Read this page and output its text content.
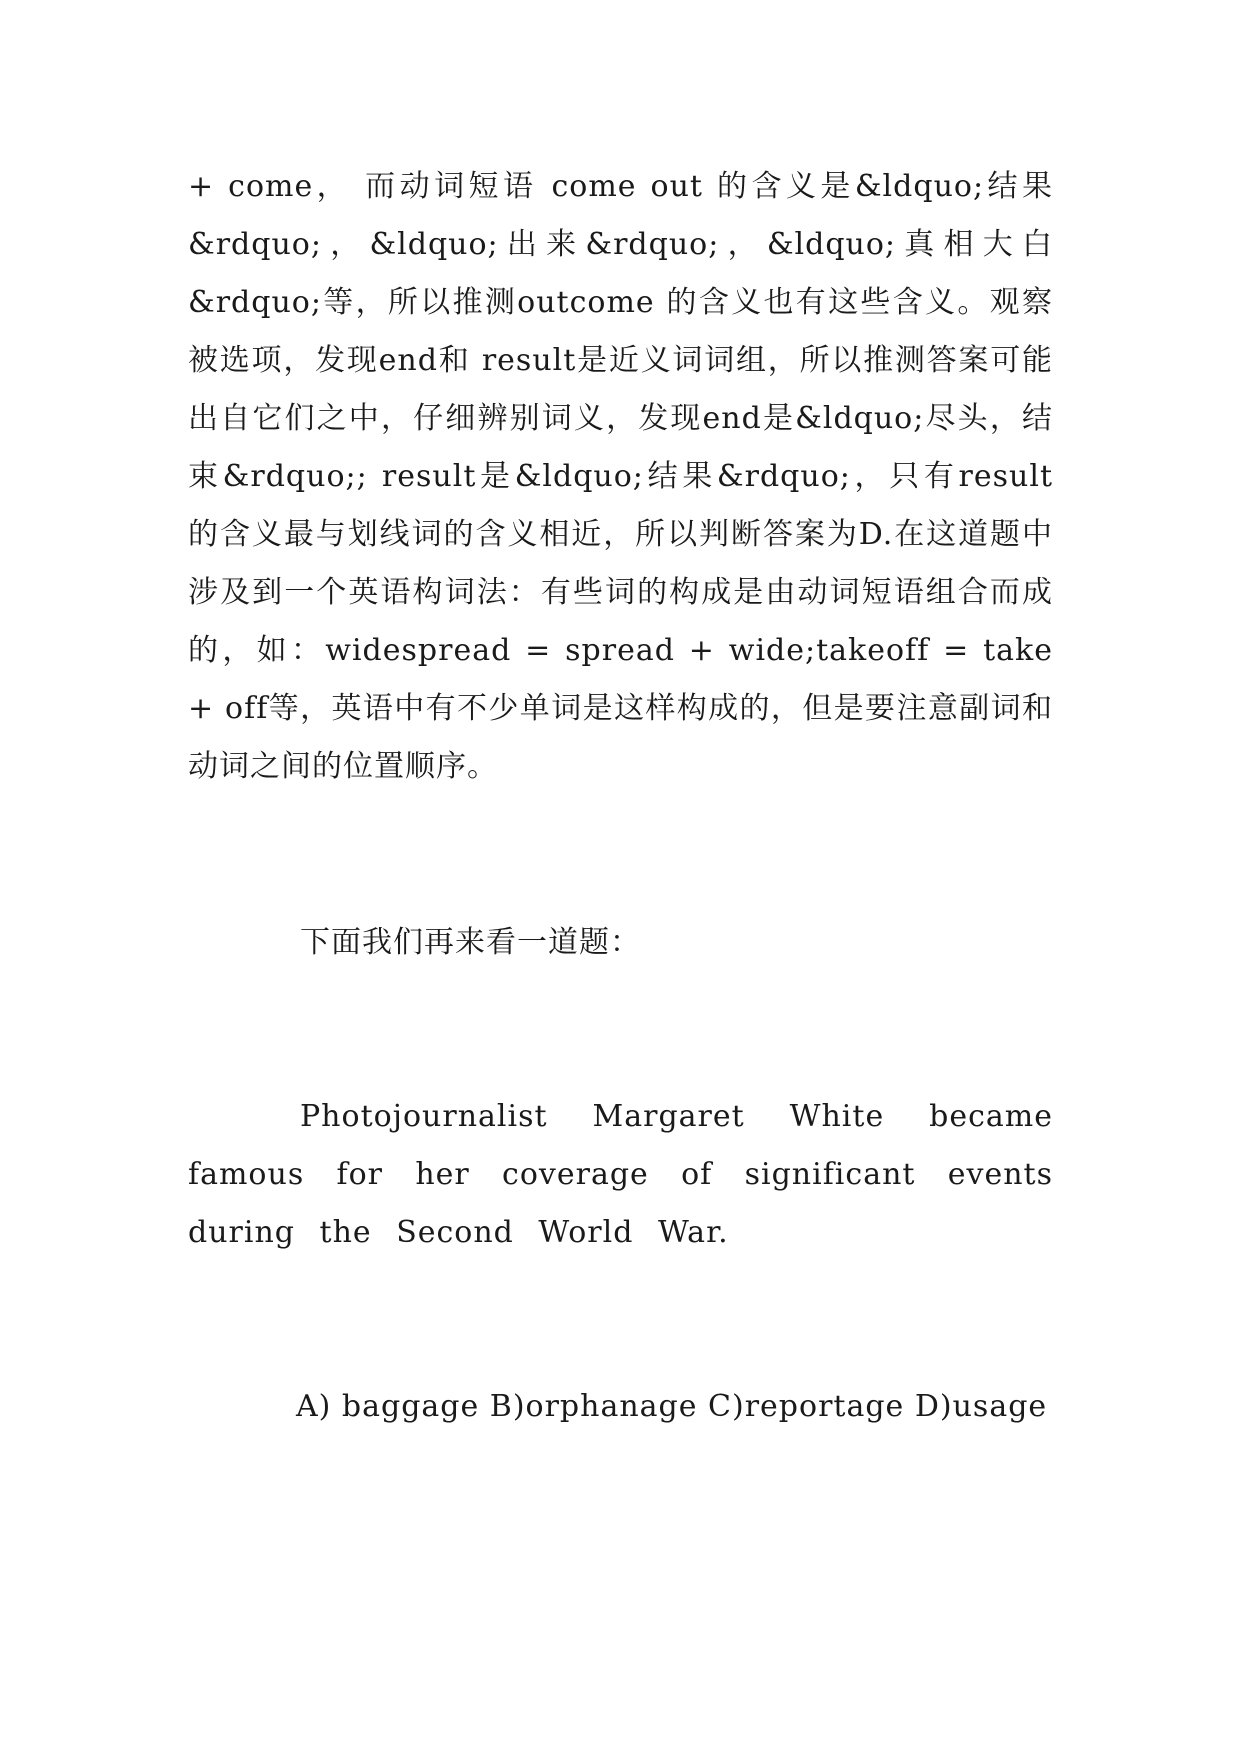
+ come， 而动词短语 come out 的含义是&ldquo;结果&rdquo;，&ldquo;出来&rdquo;，&ldquo;真相大白&rdquo;等，所以推测outcome 的含义也有这些含义。观察被选项，发现end和 result是近义词词组，所以推测答案可能出自它们之中，仔细辨别词义，发现end是&ldquo;尽头，结束&rdquo;; result是&ldquo;结果&rdquo;，只有result 的含义最与划线词的含义相近，所以判断答案为D.在这道题中涉及到一个英语构词法：有些词的构成是由动词短语组合而成的，如：widespread = spread + wide;takeoff = take + off等，英语中有不少单词是这样构成的，但是要注意副词和动词之间的位置顺序。

下面我们再来看一道题：

Photojournalist Margaret White became famous for her coverage of significant events during the Second World War.

A) baggage B)orphanage C)reportage D)usage
